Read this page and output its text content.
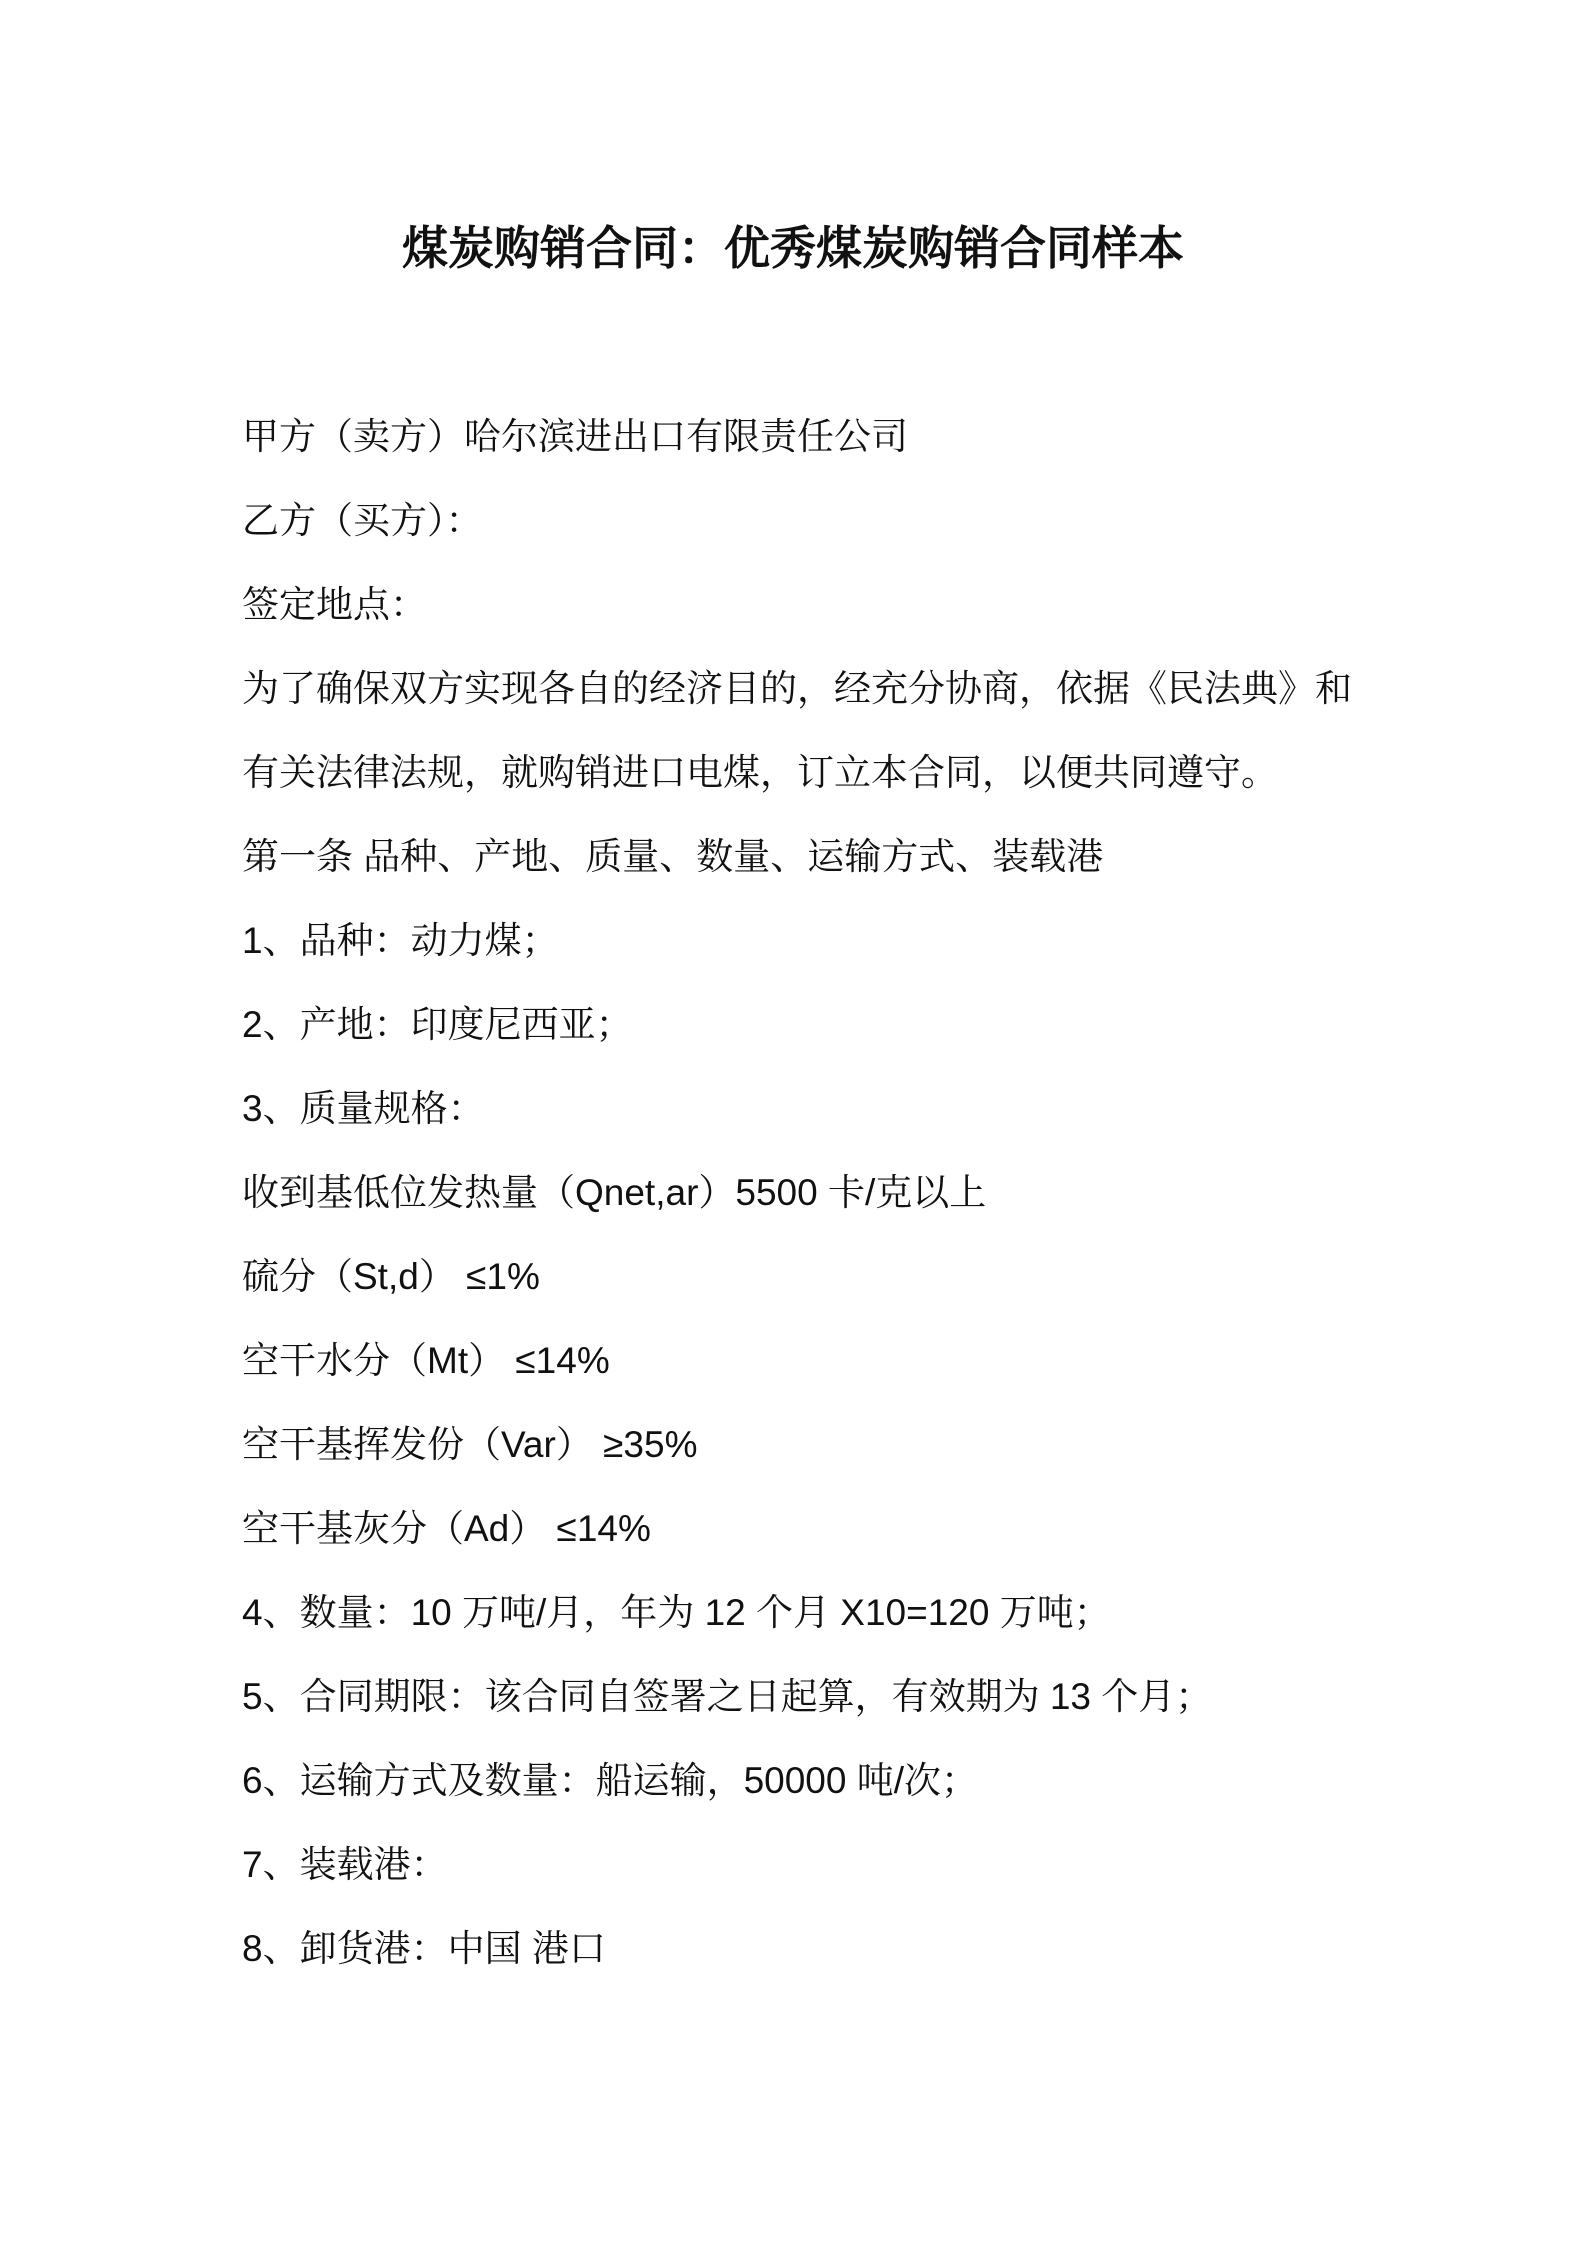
煤炭购销合同：优秀煤炭购销合同样本
甲方（卖方）哈尔滨进出口有限责任公司
乙方（买方）：
签定地点：
为了确保双方实现各自的经济目的，经充分协商，依据《民法典》和
有关法律法规，就购销进口电煤，订立本合同，以便共同遵守。
第一条 品种、产地、质量、数量、运输方式、装载港
1、品种：动力煤；
2、产地：印度尼西亚；
3、质量规格：
收到基低位发热量（Qnet,ar）5500 卡/克以上
硫分（St,d） ≤1%
空干水分（Mt） ≤14%
空干基挥发份（Var） ≥35%
空干基灰分（Ad） ≤14%
4、数量：10 万吨/月，年为 12 个月 X10=120 万吨；
5、合同期限：该合同自签署之日起算，有效期为 13 个月；
6、运输方式及数量：船运输，50000 吨/次；
7、装载港：
8、卸货港：中国 港口
